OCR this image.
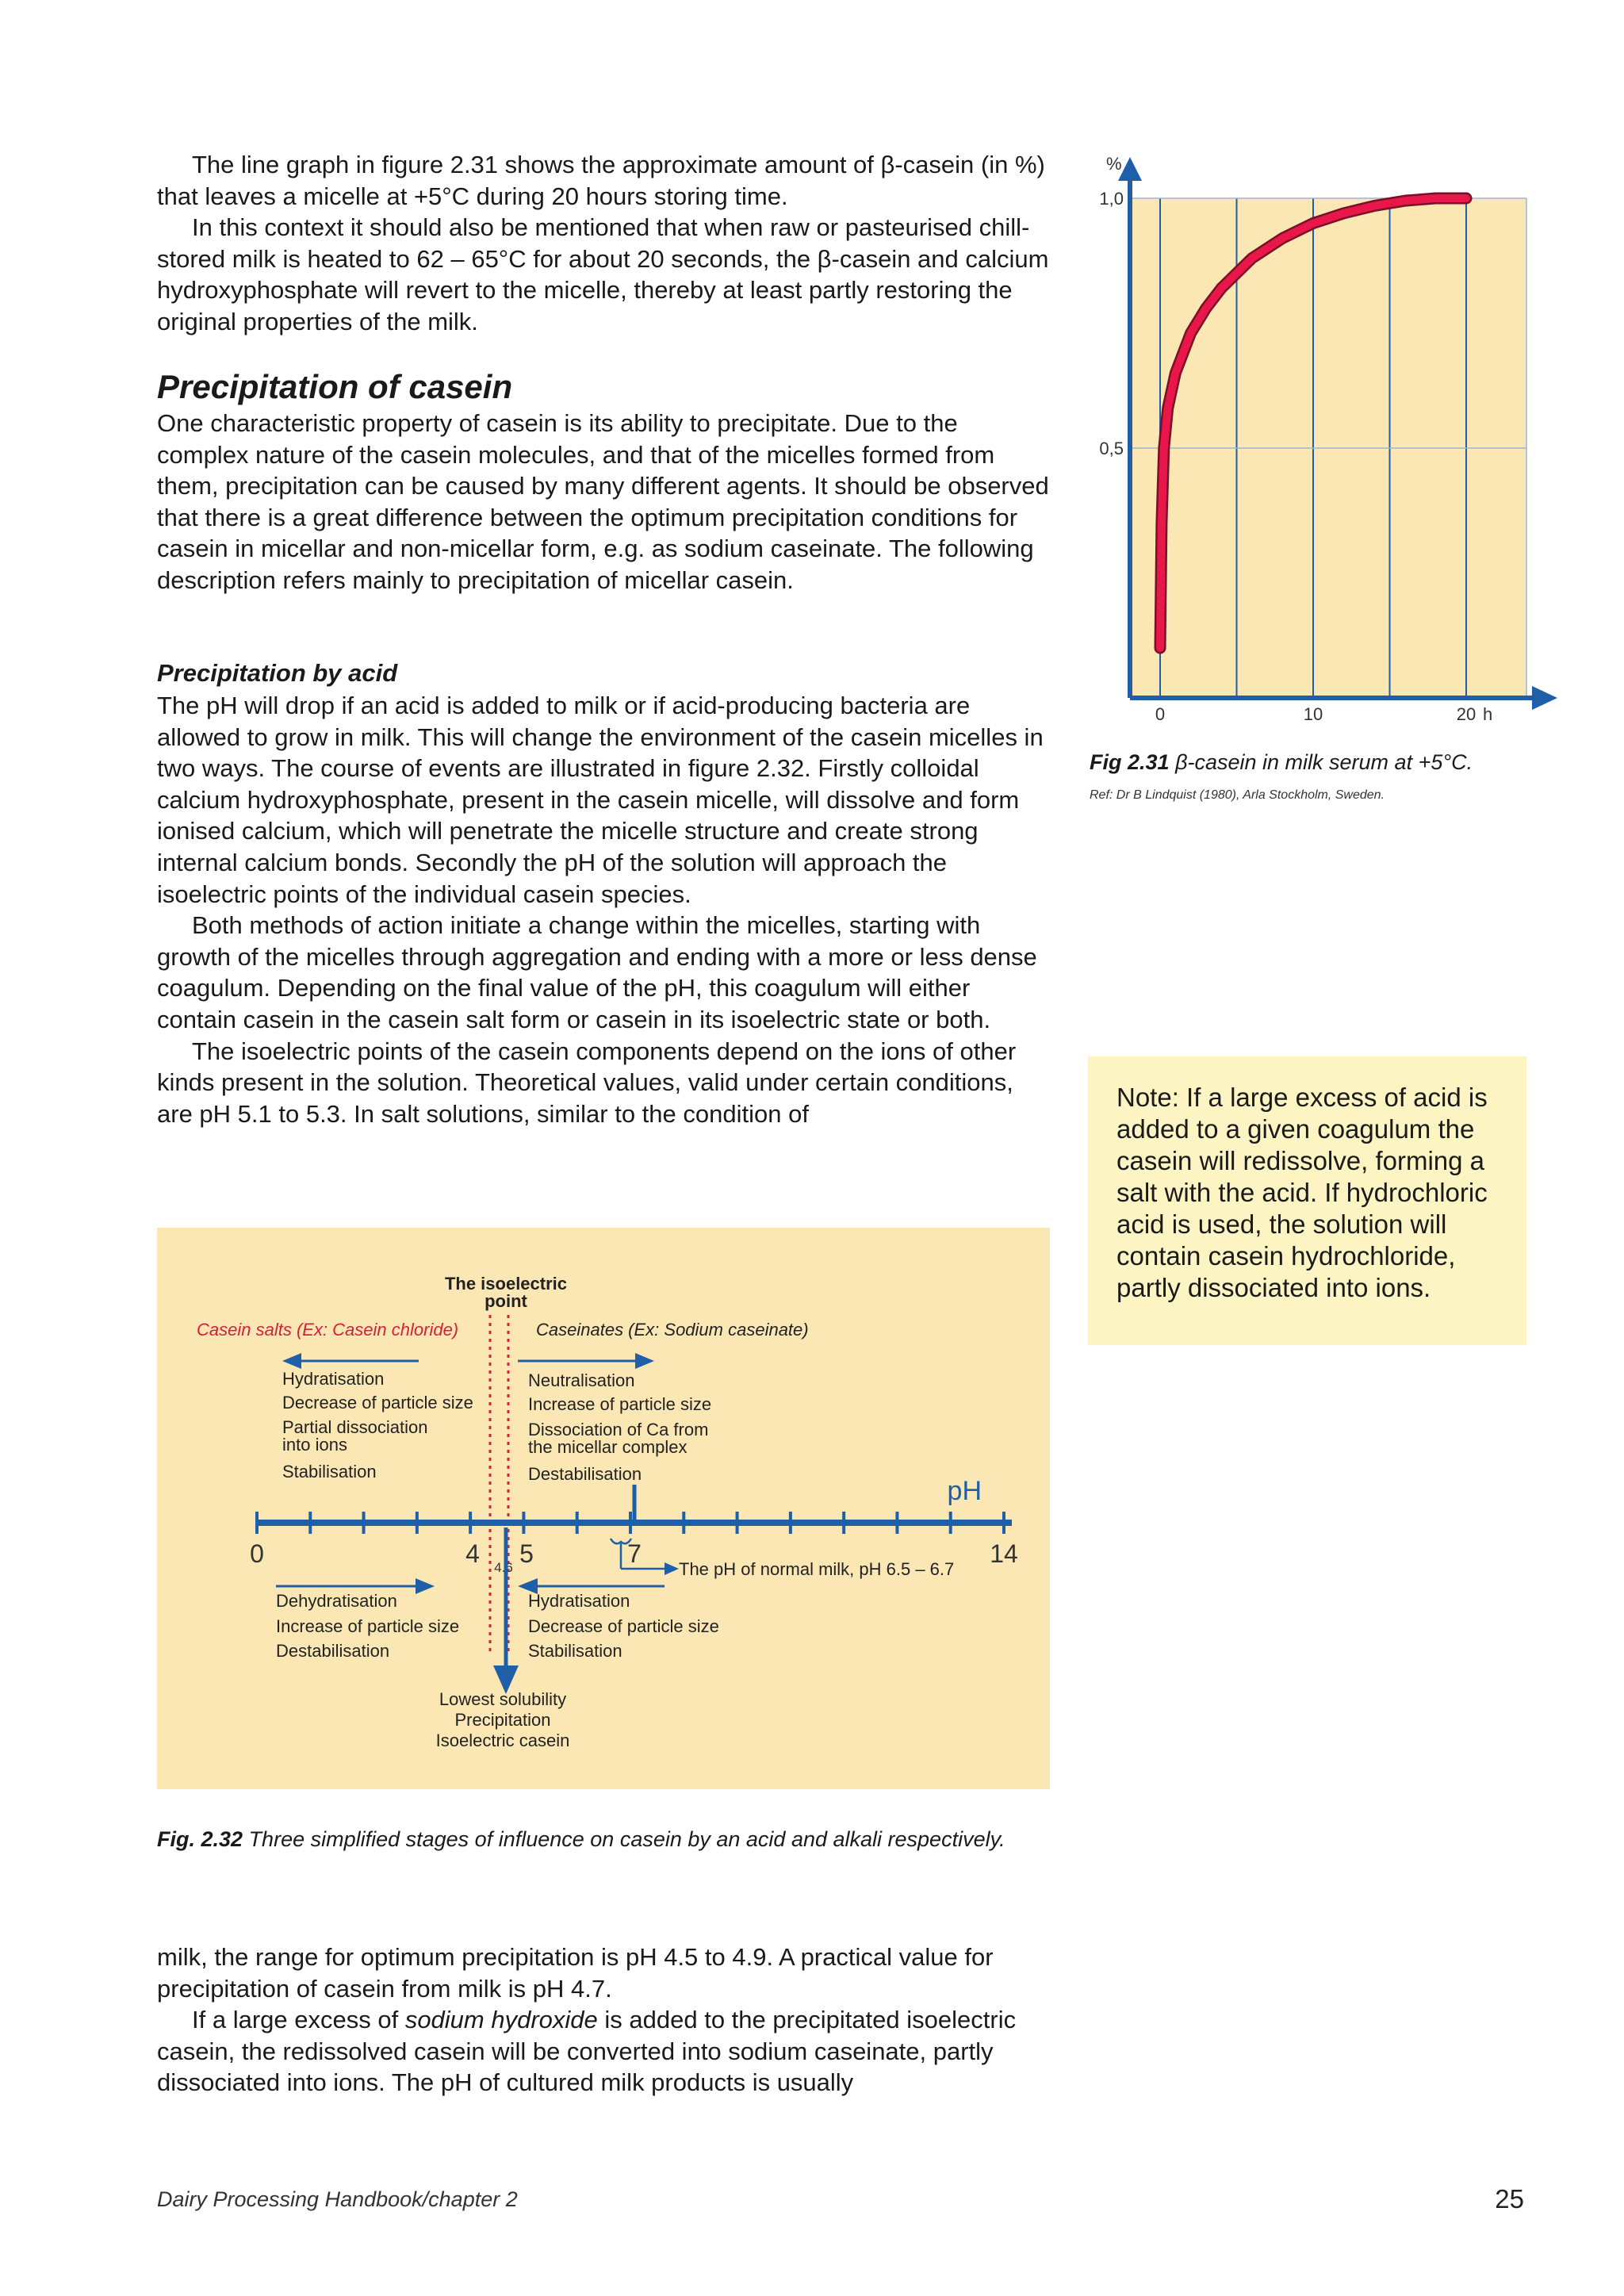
The line graph in figure 2.31 shows the approximate amount of β-casein (in %) that leaves a micelle at +5°C during 20 hours storing time.

In this context it should also be mentioned that when raw or pasteurised chill-stored milk is heated to 62 – 65°C for about 20 seconds, the β-casein and calcium hydroxyphosphate will revert to the micelle, thereby at least partly restoring the original properties of the milk.

Precipitation of casein

One characteristic property of casein is its ability to precipitate. Due to the complex nature of the casein molecules, and that of the micelles formed from them, precipitation can be caused by many different agents. It should be observed that there is a great difference between the optimum precipitation conditions for casein in micellar and non-micellar form, e.g. as sodium caseinate. The following description refers mainly to precipitation of micellar casein.

Precipitation by acid

The pH will drop if an acid is added to milk or if acid-producing bacteria are allowed to grow in milk. This will change the environment of the casein micelles in two ways. The course of events are illustrated in figure 2.32. Firstly colloidal calcium hydroxyphosphate, present in the casein micelle, will dissolve and form ionised calcium, which will penetrate the micelle structure and create strong internal calcium bonds. Secondly the pH of the solution will approach the isoelectric points of the individual casein species.

Both methods of action initiate a change within the micelles, starting with growth of the micelles through aggregation and ending with a more or less dense coagulum. Depending on the final value of the pH, this coagulum will either contain casein in the casein salt form or casein in its isoelectric state or both.

The isoelectric points of the casein components depend on the ions of other kinds present in the solution. Theoretical values, valid under certain conditions, are pH 5.1 to 5.3. In salt solutions, similar to the condition of

%
h
0	10	20
0,5
1,0
Fig 2.31 β-casein in milk serum at +5°C.
Ref: Dr B Lindquist (1980), Arla Stockholm, Sweden.

Note: If a large excess of acid is added to a given coagulum the casein will redissolve, forming a salt with the acid. If hydrochloric acid is used, the solution will contain casein hydrochloride, partly dissociated into ions.

The isoelectric
point
Casein salts (Ex: Casein chloride)	Caseinates (Ex: Sodium caseinate)
Hydratisation
Decrease of particle size
Partial dissociation
into ions
Stabilisation
Neutralisation
Increase of particle size
Dissociation of Ca from
the micellar complex
Destabilisation
pH
0	4 5	7	14
4.6	The pH of normal milk, pH 6.5 – 6.7
Dehydratisation
Increase of particle size
Destabilisation
Hydratisation
Decrease of particle size
Stabilisation
Lowest solubility
Precipitation
Isoelectric casein
Fig. 2.32 Three simplified stages of influence on casein by an acid and alkali respectively.

milk, the range for optimum precipitation is pH 4.5 to 4.9. A practical value for precipitation of casein from milk is pH 4.7.

If a large excess of sodium hydroxide is added to the precipitated isoelectric casein, the redissolved casein will be converted into sodium caseinate, partly dissociated into ions. The pH of cultured milk products is usually

Dairy Processing Handbook/chapter 2	25
